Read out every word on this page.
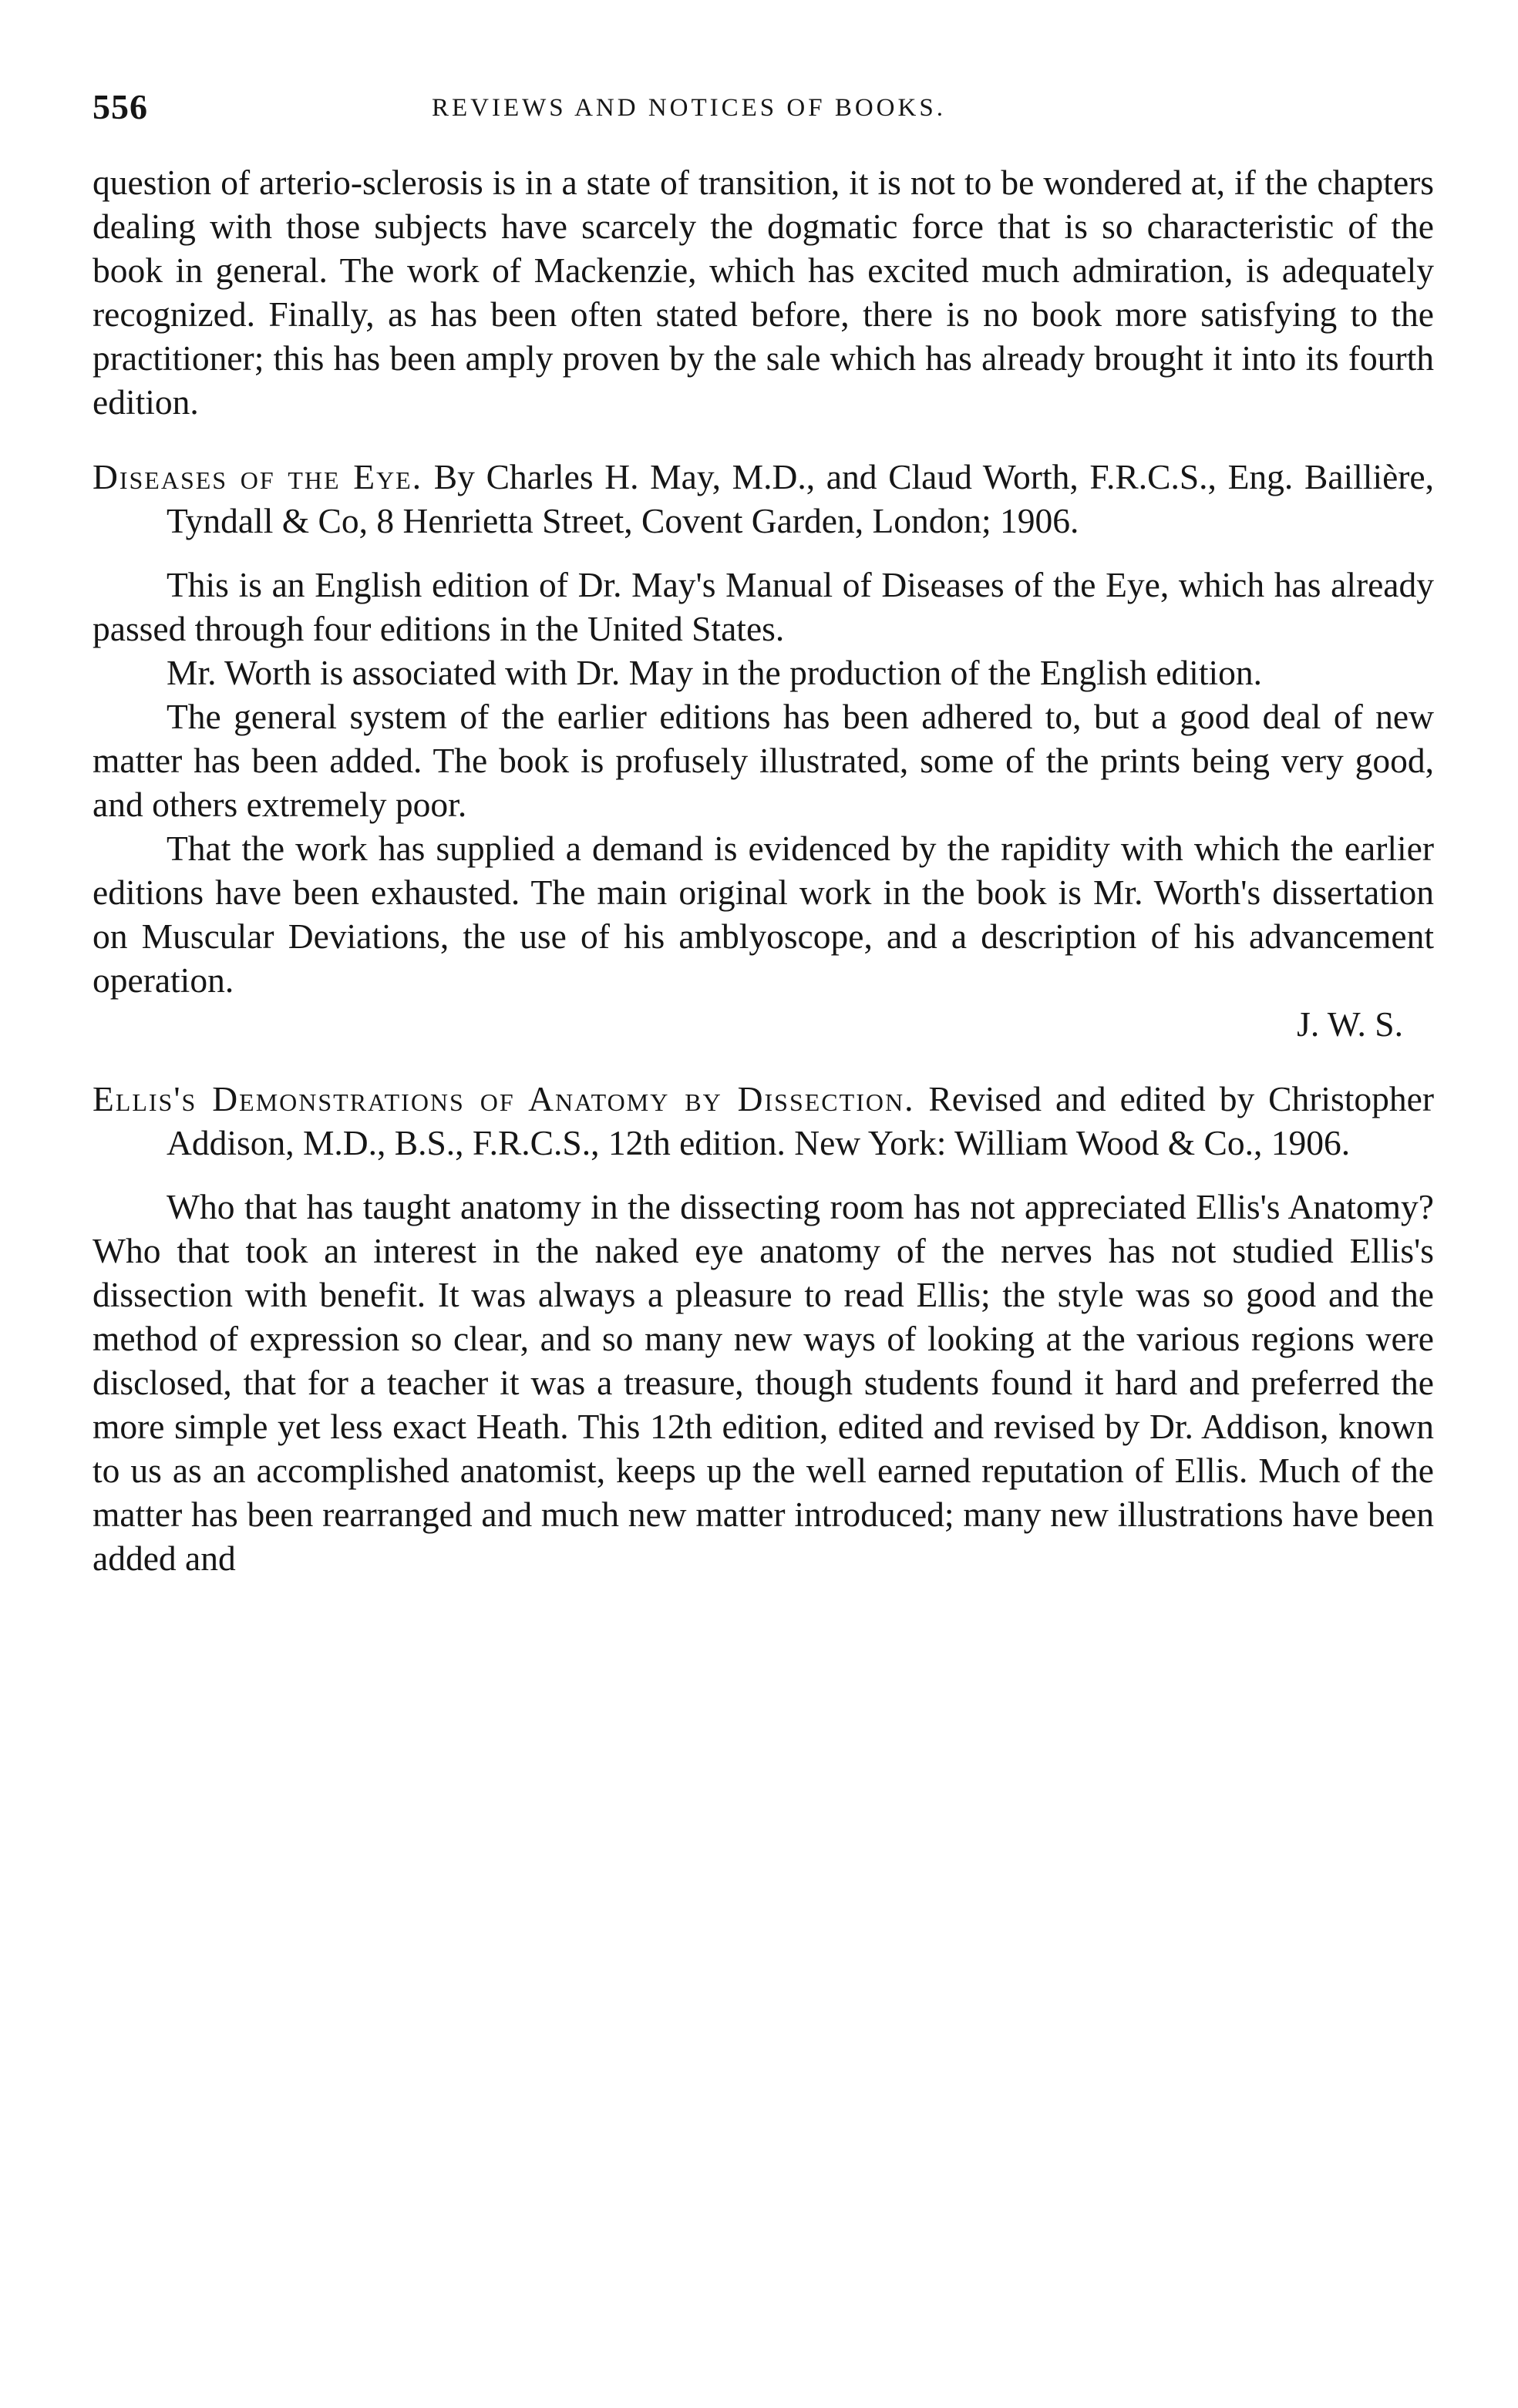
556	REVIEWS AND NOTICES OF BOOKS.

question of arterio-sclerosis is in a state of transition, it is not to be wondered at, if the chapters dealing with those subjects have scarcely the dogmatic force that is so characteristic of the book in general. The work of Mackenzie, which has excited much admiration, is adequately recognized. Finally, as has been often stated before, there is no book more satisfying to the practitioner; this has been amply proven by the sale which has already brought it into its fourth edition.

Diseases of the Eye. By Charles H. May, M.D., and Claud Worth, F.R.C.S., Eng. Baillière, Tyndall & Co, 8 Henrietta Street, Covent Garden, London; 1906.

This is an English edition of Dr. May's Manual of Diseases of the Eye, which has already passed through four editions in the United States.

Mr. Worth is associated with Dr. May in the production of the English edition.

The general system of the earlier editions has been adhered to, but a good deal of new matter has been added. The book is profusely illustrated, some of the prints being very good, and others extremely poor.

That the work has supplied a demand is evidenced by the rapidity with which the earlier editions have been exhausted. The main original work in the book is Mr. Worth's dissertation on Muscular Deviations, the use of his amblyoscope, and a description of his advancement operation.

J. W. S.

Ellis's Demonstrations of Anatomy by Dissection. Revised and edited by Christopher Addison, M.D., B.S., F.R.C.S., 12th edition. New York: William Wood & Co., 1906.

Who that has taught anatomy in the dissecting room has not appreciated Ellis's Anatomy? Who that took an interest in the naked eye anatomy of the nerves has not studied Ellis's dissection with benefit. It was always a pleasure to read Ellis; the style was so good and the method of expression so clear, and so many new ways of looking at the various regions were disclosed, that for a teacher it was a treasure, though students found it hard and preferred the more simple yet less exact Heath. This 12th edition, edited and revised by Dr. Addison, known to us as an accomplished anatomist, keeps up the well earned reputation of Ellis. Much of the matter has been rearranged and much new matter introduced; many new illustrations have been added and
